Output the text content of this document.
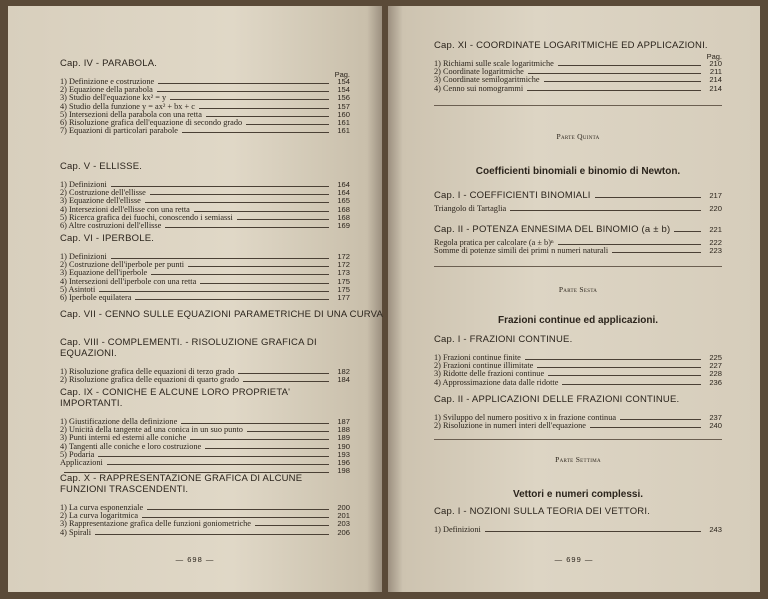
Cap. IV - PARABOLA.
Pag.
1) Definizione e costruzione	154
2) Equazione della parabola	154
3) Studio dell'equazione kx² = y	156
4) Studio della funzione y = ax² + bx + c	157
5) Intersezioni della parabola con una retta	160
6) Risoluzione grafica dell'equazione di secondo grado	161
7) Equazioni di particolari parabole	161
Cap. V - ELLISSE.
1) Definizioni	164
2) Costruzione dell'ellisse	164
3) Equazione dell'ellisse	165
4) Intersezioni dell'ellisse con una retta	168
5) Ricerca grafica dei fuochi, conoscendo i semiassi	168
6) Altre costruzioni dell'ellisse	169
Cap. VI - IPERBOLE.
1) Definizioni	172
2) Costruzione dell'iperbole per punti	172
3) Equazione dell'iperbole	173
4) Intersezioni dell'iperbole con una retta	175
5) Asintoti	175
6) Iperbole equilatera	177
Cap. VII - CENNO SULLE EQUAZIONI PARAMETRICHE DI UNA CURVA
Cap. VIII - COMPLEMENTI. - RISOLUZIONE GRAFICA DI EQUAZIONI.
1) Risoluzione grafica delle equazioni di terzo grado	182
2) Risoluzione grafica delle equazioni di quarto grado	184
Cap. IX - CONICHE E ALCUNE LORO PROPRIETA' IMPORTANTI.
1) Giustificazione della definizione	187
2) Unicità della tangente ad una conica in un suo punto	188
3) Punti interni ed esterni alle coniche	189
4) Tangenti alle coniche e loro costruzione	190
5) Podaria	193
Applicazioni	196
198
Cap. X - RAPPRESENTAZIONE GRAFICA DI ALCUNE FUNZIONI TRASCENDENTI.
1) La curva esponenziale	200
2) La curva logaritmica	201
3) Rappresentazione grafica delle funzioni goniometriche	203
4) Spirali	206
— 698 —
Cap. XI - COORDINATE LOGARITMICHE ED APPLICAZIONI.
Pag.
1) Richiami sulle scale logaritmiche	210
2) Coordinate logaritmiche	211
3) Coordinate semilogaritmiche	214
4) Cenno sui nomogrammi	214
Parte Quinta
Coefficienti binomiali e binomio di Newton.
Cap. I - COEFFICIENTI BINOMIALI	217
Triangolo di Tartaglia	220
Cap. II - POTENZA ENNESIMA DEL BINOMIO (a ± b)	221
Regola pratica per calcolare (a ± b)ⁿ	222
Somme di potenze simili dei primi n numeri naturali	223
Parte Sesta
Frazioni continue ed applicazioni.
Cap. I - FRAZIONI CONTINUE.
1) Frazioni continue finite	225
2) Frazioni continue illimitate	227
3) Ridotte delle frazioni continue	228
4) Approssimazione data dalle ridotte	236
Cap. II - APPLICAZIONI DELLE FRAZIONI CONTINUE.
1) Sviluppo del numero positivo x in frazione continua	237
2) Risoluzione in numeri interi dell'equazione	240
Parte Settima
Vettori e numeri complessi.
Cap. I - NOZIONI SULLA TEORIA DEI VETTORI.
1) Definizioni	243
— 699 —
